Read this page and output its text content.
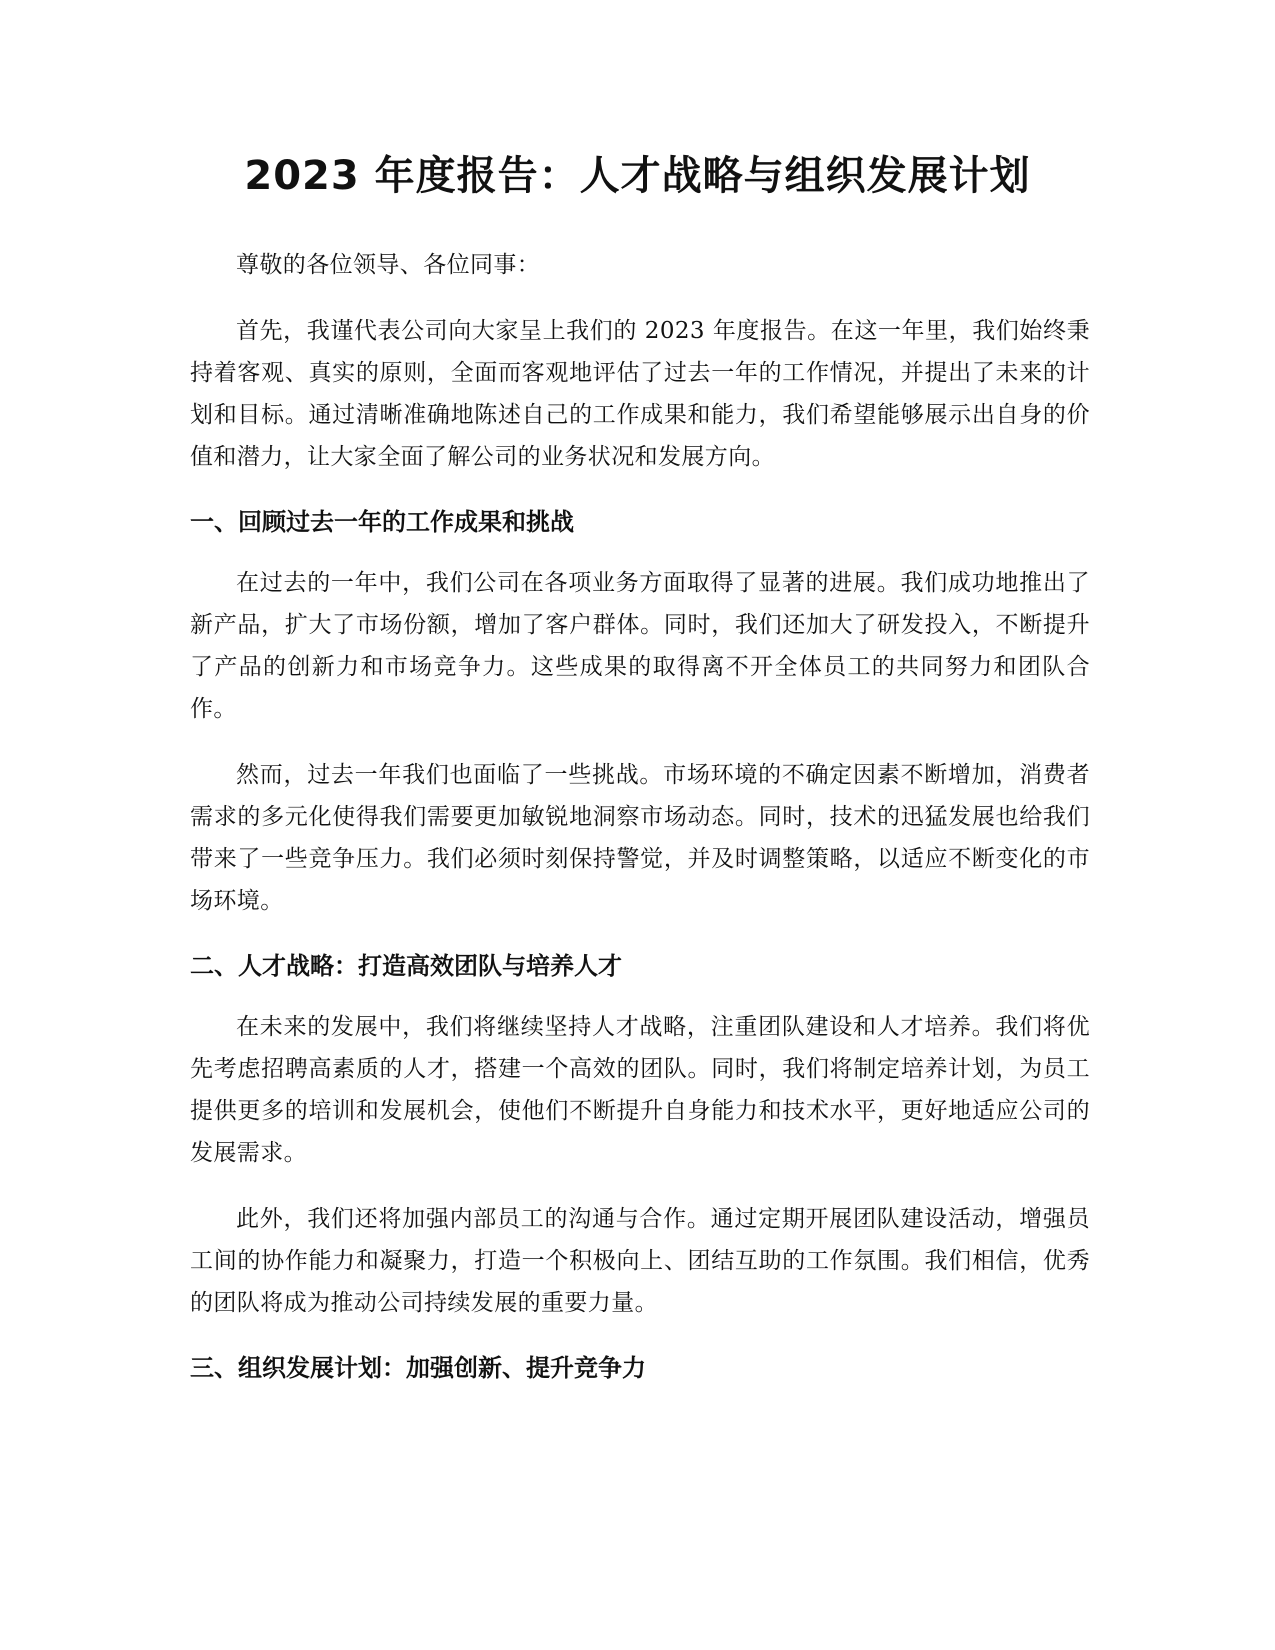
2023 年度报告：人才战略与组织发展计划

尊敬的各位领导、各位同事：

首先，我谨代表公司向大家呈上我们的 2023 年度报告。在这一年里，我们始终秉持着客观、真实的原则，全面而客观地评估了过去一年的工作情况，并提出了未来的计划和目标。通过清晰准确地陈述自己的工作成果和能力，我们希望能够展示出自身的价值和潜力，让大家全面了解公司的业务状况和发展方向。

一、回顾过去一年的工作成果和挑战

在过去的一年中，我们公司在各项业务方面取得了显著的进展。我们成功地推出了新产品，扩大了市场份额，增加了客户群体。同时，我们还加大了研发投入，不断提升了产品的创新力和市场竞争力。这些成果的取得离不开全体员工的共同努力和团队合作。

然而，过去一年我们也面临了一些挑战。市场环境的不确定因素不断增加，消费者需求的多元化使得我们需要更加敏锐地洞察市场动态。同时，技术的迅猛发展也给我们带来了一些竞争压力。我们必须时刻保持警觉，并及时调整策略，以适应不断变化的市场环境。

二、人才战略：打造高效团队与培养人才

在未来的发展中，我们将继续坚持人才战略，注重团队建设和人才培养。我们将优先考虑招聘高素质的人才，搭建一个高效的团队。同时，我们将制定培养计划，为员工提供更多的培训和发展机会，使他们不断提升自身能力和技术水平，更好地适应公司的发展需求。

此外，我们还将加强内部员工的沟通与合作。通过定期开展团队建设活动，增强员工间的协作能力和凝聚力，打造一个积极向上、团结互助的工作氛围。我们相信，优秀的团队将成为推动公司持续发展的重要力量。

三、组织发展计划：加强创新、提升竞争力
